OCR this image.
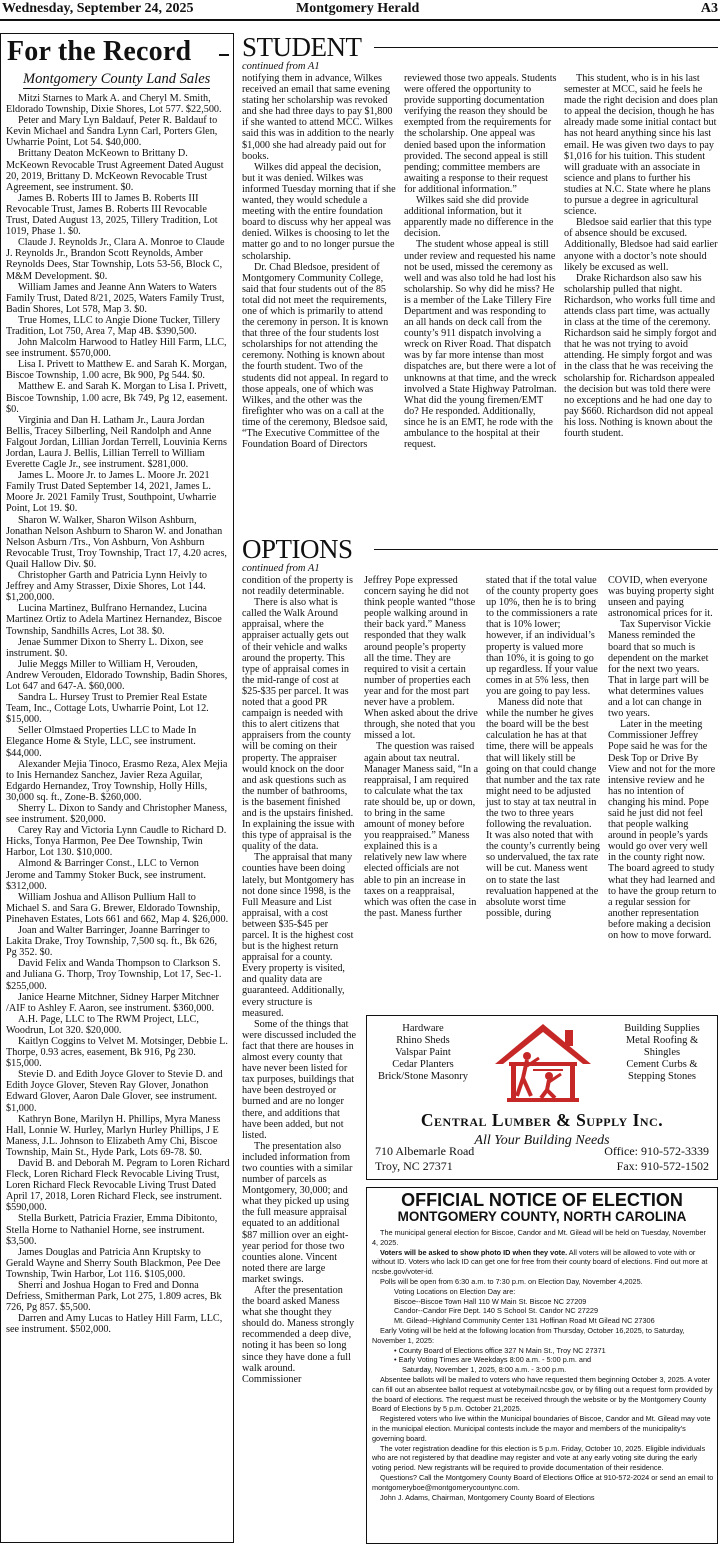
Wednesday, September 24, 2025	Montgomery Herald	A3
For the Record
Montgomery County Land Sales

Mitzi Starnes to Mark A. and Cheryl M. Smith, Eldorado Township, Dixie Shores, Lot 577. $22,500.

Peter and Mary Lyn Baldauf, Peter R. Baldauf to Kevin Michael and Sandra Lynn Carl, Porters Glen, Uwharrie Point, Lot 54. $40,000.

Brittany Deaton McKeown to Brittany D. McKeown Revocable Trust Agreement Dated August 20, 2019, Brittany D. McKeown Revocable Trust Agreement, see instrument. $0.

James B. Roberts III to James B. Roberts III Revocable Trust, James B. Roberts III Revocable Trust, Dated August 13, 2025, Tillery Tradition, Lot 1019, Phase 1. $0.

Claude J. Reynolds Jr., Clara A. Monroe to Claude J. Reynolds Jr., Brandon Scott Reynolds, Amber Reynolds Dees, Star Township, Lots 53-56, Block C, M&M Development. $0.

William James and Jeanne Ann Waters to Waters Family Trust, Dated 8/21, 2025, Waters Family Trust, Badin Shores, Lot 578, Map 3. $0.

True Homes, LLC to Angie Dione Tucker, Tillery Tradition, Lot 750, Area 7, Map 4B. $390,500.

John Malcolm Harwood to Hatley Hill Farm, LLC, see instrument. $570,000.

Lisa I. Privett to Matthew E. and Sarah K. Morgan, Biscoe Township, 1.00 acre, Bk 900, Pg 544. $0.

Matthew E. and Sarah K. Morgan to Lisa I. Privett, Biscoe Township, 1.00 acre, Bk 749, Pg 12, easement. $0.

Virginia and Dan H. Latham Jr., Laura Jordan Bellis, Tracey Silberling, Neil Randolph and Anne Falgout Jordan, Lillian Jordan Terrell, Louvinia Kerns Jordan, Laura J. Bellis, Lillian Terrell to William Everette Cagle Jr., see instrument. $281,000.

James L. Moore Jr. to James L. Moore Jr. 2021 Family Trust Dated September 14, 2021, James L. Moore Jr. 2021 Family Trust, Southpoint, Uwharrie Point, Lot 19. $0.

Sharon W. Walker, Sharon Wilson Ashburn, Jonathan Nelson Ashburn to Sharon W. and Jonathan Nelson Asburn /Trs., Von Ashburn, Von Ashburn Revocable Trust, Troy Township, Tract 17, 4.20 acres, Quail Hallow Div. $0.

Christopher Garth and Patricia Lynn Heivly to Jeffrey and Amy Strasser, Dixie Shores, Lot 144. $1,200,000.

Lucina Martinez, Bulfrano Hernandez, Lucina Martinez Ortiz to Adela Martinez Hernandez, Biscoe Township, Sandhills Acres, Lot 38. $0.

Jenae Summer Dixon to Sherry L. Dixon, see instrument. $0.

Julie Meggs Miller to William H, Verouden, Andrew Verouden, Eldorado Township, Badin Shores, Lot 647 and 647-A. $60,000.

Sandra L. Hursey Trust to Premier Real Estate Team, Inc., Cottage Lots, Uwharrie Point, Lot 12. $15,000.

Seller Olmstaed Properties LLC to Made In Elegance Home & Style, LLC, see instrument. $44,000.

Alexander Mejia Tinoco, Erasmo Reza, Alex Mejia to Inis Hernandez Sanchez, Javier Reza Aguilar, Edgardo Hernandez, Troy Township, Holly Hills, 30,000 sq. ft., Zone-B. $260,000.

Sherry L. Dixon to Sandy and Christopher Maness, see instrument. $20,000.

Carey Ray and Victoria Lynn Caudle to Richard D. Hicks, Tonya Harmon, Pee Dee Township, Twin Harbor, Lot 130. $10,000.

Almond & Barringer Const., LLC to Vernon Jerome and Tammy Stoker Buck, see instrument. $312,000.

William Joshua and Allison Pullium Hall to Michael S. and Sara G. Brewer, Eldorado Township, Pinehaven Estates, Lots 661 and 662, Map 4. $26,000.

Joan and Walter Barringer, Joanne Barringer to Lakita Drake, Troy Township, 7,500 sq. ft., Bk 626, Pg 352. $0.

David Felix and Wanda Thompson to Clarkson S. and Juliana G. Thorp, Troy Township, Lot 17, Sec-1. $255,000.

Janice Hearne Mitchner, Sidney Harper Mitchner /AIF to Ashley F. Aaron, see instrument. $360,000.

A.H. Page, LLC to The RWM Project, LLC, Woodrun, Lot 320. $20,000.

Kaitlyn Coggins to Velvet M. Motsinger, Debbie L. Thorpe, 0.93 acres, easement, Bk 916, Pg 230. $15,000.

Stevie D. and Edith Joyce Glover to Stevie D. and Edith Joyce Glover, Steven Ray Glover, Jonathon Edward Glover, Aaron Dale Glover, see instrument. $1,000.

Kathryn Bone, Marilyn H. Phillips, Myra Maness Hall, Lonnie W. Hurley, Marlyn Hurley Phillips, J E Maness, J.L. Johnson to Elizabeth Amy Chi, Biscoe Township, Main St., Hyde Park, Lots 69-78. $0.

David B. and Deborah M. Pegram to Loren Richard Fleck, Loren Richard Fleck Revocable Living Trust, Loren Richard Fleck Revocable Living Trust Dated April 17, 2018, Loren Richard Fleck, see instrument. $590,000.

Stella Burkett, Patricia Frazier, Emma Dibitonto, Stella Horne to Nathaniel Horne, see instrument. $3,500.

James Douglas and Patricia Ann Kruptsky to Gerald Wayne and Sherry South Blackmon, Pee Dee Township, Twin Harbor, Lot 116. $105,000.

Sherri and Joshua Hogan to Fred and Donna Defriess, Smitherman Park, Lot 275, 1.809 acres, Bk 726, Pg 857. $5,500.

Darren and Amy Lucas to Hatley Hill Farm, LLC, see instrument. $502,000.

STUDENT
continued from A1

notifying them in advance, Wilkes received an email that same evening stating her scholarship was revoked and she had three days to pay $1,800 if she wanted to attend MCC. Wilkes said this was in addition to the nearly $1,000 she had already paid out for books.

Wilkes did appeal the decision, but it was denied. Wilkes was informed Tuesday morning that if she wanted, they would schedule a meeting with the entire foundation board to discuss why her appeal was denied. Wilkes is choosing to let the matter go and to no longer pursue the scholarship.

Dr. Chad Bledsoe, president of Montgomery Community College, said that four students out of the 85 total did not meet the requirements, one of which is primarily to attend the ceremony in person. It is known that three of the four students lost scholarships for not attending the ceremony. Nothing is known about the fourth student. Two of the students did not appeal. In regard to those appeals, one of which was Wilkes, and the other was the firefighter who was on a call at the time of the ceremony, Bledsoe said, “The Executive Committee of the Foundation Board of Directors

reviewed those two appeals. Students were offered the opportunity to provide supporting documentation verifying the reason they should be exempted from the requirements for the scholarship. One appeal was denied based upon the information provided. The second appeal is still pending; committee members are awaiting a response to their request for additional information.”

Wilkes said she did provide additional information, but it apparently made no difference in the decision.

The student whose appeal is still under review and requested his name not be used, missed the ceremony as well and was also told he had lost his scholarship. So why did he miss? He is a member of the Lake Tillery Fire Department and was responding to an all hands on deck call from the county’s 911 dispatch involving a wreck on River Road. That dispatch was by far more intense than most dispatches are, but there were a lot of unknowns at that time, and the wreck involved a State Highway Patrolman. What did the young firemen/EMT do? He responded. Additionally, since he is an EMT, he rode with the ambulance to the hospital at their request.

This student, who is in his last semester at MCC, said he feels he made the right decision and does plan to appeal the decision, though he has already made some initial contact but has not heard anything since his last email. He was given two days to pay $1,016 for his tuition. This student will graduate with an associate in science and plans to further his studies at N.C. State where he plans to pursue a degree in agricultural science.

Bledsoe said earlier that this type of absence should be excused. Additionally, Bledsoe had said earlier anyone with a doctor’s note should likely be excused as well.

Drake Richardson also saw his scholarship pulled that night. Richardson, who works full time and attends class part time, was actually in class at the time of the ceremony. Richardson said he simply forgot and that he was not trying to avoid attending. He simply forgot and was in the class that he was receiving the scholarship for. Richardson appealed the decision but was told there were no exceptions and he had one day to pay $660. Richardson did not appeal his loss. Nothing is known about the fourth student.

OPTIONS
continued from A1

condition of the property is not readily determinable.

There is also what is called the Walk Around appraisal, where the appraiser actually gets out of their vehicle and walks around the property. This type of appraisal comes in the mid-range of cost at $25-$35 per parcel. It was noted that a good PR campaign is needed with this to alert citizens that appraisers from the county will be coming on their property. The appraiser would knock on the door and ask questions such as the number of bathrooms, is the basement finished and is the upstairs finished. In explaining the issue with this type of appraisal is the quality of the data.

The appraisal that many counties have been doing lately, but Montgomery has not done since 1998, is the Full Measure and List appraisal, with a cost between $35-$45 per parcel. It is the highest cost but is the highest return appraisal for a county. Every property is visited, and quality data are guaranteed. Additionally, every structure is measured.

Some of the things that were discussed included the fact that there are houses in almost every county that have never been listed for tax purposes, buildings that have been destroyed or burned and are no longer there, and additions that have been added, but not listed.

The presentation also included information from two counties with a similar number of parcels as Montgomery, 30,000; and what they picked up using the full measure appraisal equated to an additional $87 million over an eight-year period for those two counties alone. Vincent noted there are large market swings.

After the presentation the board asked Maness what she thought they should do. Maness strongly recommended a deep dive, noting it has been so long since they have done a full walk around. Commissioner

Jeffrey Pope expressed concern saying he did not think people wanted “those people walking around in their back yard.” Maness responded that they walk around people’s property all the time. They are required to visit a certain number of properties each year and for the most part never have a problem. When asked about the drive through, she noted that you missed a lot.

The question was raised again about tax neutral. Manager Maness said, “In a reappraisal, I am required to calculate what the tax rate should be, up or down, to bring in the same amount of money before you reappraised.” Maness explained this is a relatively new law where elected officials are not able to pin an increase in taxes on a reappraisal, which was often the case in the past. Maness further

stated that if the total value of the county property goes up 10%, then he is to bring to the commissioners a rate that is 10% lower; however, if an individual’s property is valued more than 10%, it is going to go up regardless. If your value comes in at 5% less, then you are going to pay less.

Maness did note that while the number he gives the board will be the best calculation he has at that time, there will be appeals that will likely still be going on that could change that number and the tax rate might need to be adjusted just to stay at tax neutral in the two to three years following the revaluation. It was also noted that with the county’s currently being so undervalued, the tax rate will be cut. Maness went on to state the last revaluation happened at the absolute worst time possible, during

COVID, when everyone was buying property sight unseen and paying astronomical prices for it.

Tax Supervisor Vickie Maness reminded the board that so much is dependent on the market for the next two years. That in large part will be what determines values and a lot can change in two years.

Later in the meeting Commissioner Jeffrey Pope said he was for the Desk Top or Drive By View and not for the more intensive review and he has no intention of changing his mind. Pope said he just did not feel that people walking around in people’s yards would go over very well in the county right now. The board agreed to study what they had learned and to have the group return to a regular session for another representation before making a decision on how to move forward.

Hardware
Rhino Sheds
Valspar Paint
Cedar Planters
Brick/Stone Masonry
Building Supplies
Metal Roofing &
Shingles
Cement Curbs &
Stepping Stones
Central Lumber & Supply Inc.
All Your Building Needs
710 Albemarle Road
Troy, NC 27371
Office: 910-572-3339
Fax: 910-572-1502
OFFICIAL NOTICE OF ELECTION
MONTGOMERY COUNTY, NORTH CAROLINA

The municipal general election for Biscoe, Candor and Mt. Gilead will be held on Tuesday, November 4, 2025.

Voters will be asked to show photo ID when they vote. All voters will be allowed to vote with or without ID. Voters who lack ID can get one for free from their county board of elections. Find out more at ncsbe.gov/voter-id.

Polls will be open from 6:30 a.m. to 7:30 p.m. on Election Day, November 4,2025.

Voting Locations on Election Day are:

Biscoe--Biscoe Town Hall 110 W Main St. Biscoe NC 27209

Candor--Candor Fire Dept. 140 S School St. Candor NC 27229

Mt. Gilead--Highland Community Center 131 Hoffinan Road Mt Gilead NC 27306

Early Voting will be held at the following location from Thursday, October 16,2025, to Saturday, November 1, 2025:

• County Board of Elections office 327 N Main St., Troy NC 27371

• Early Voting Times are Weekdays 8:00 a.m. - 5:00 p.m. and

Saturday, November 1, 2025, 8:00 a.m. - 3:00 p.m.

Absentee ballots will be mailed to voters who have requested them beginning October 3, 2025. A voter can fill out an absentee ballot request at votebymail.ncsbe.gov, or by filling out a request form provided by the board of elections. The request must be received through the website or by the Montgomery County Board of Elections by 5 p.m. October 21,2025.

Registered voters who live within the Municipal boundaries of Biscoe, Candor and Mt. Gilead may vote in the municipal election. Municipal contests include the mayor and members of the municipality’s governing board.

The voter registration deadline for this election is 5 p.m. Friday, October 10, 2025. Eligible individuals who are not registered by that deadline may register and vote at any early voting site during the early voting period. New registrants will be required to provide documentation of their residence.

Questions? Call the Montgomery County Board of Elections Office at 910-572-2024 or send an email to montgomeryboe@montgomerycountync.com.

John J. Adams, Chairman, Montgomery County Board of Elections
